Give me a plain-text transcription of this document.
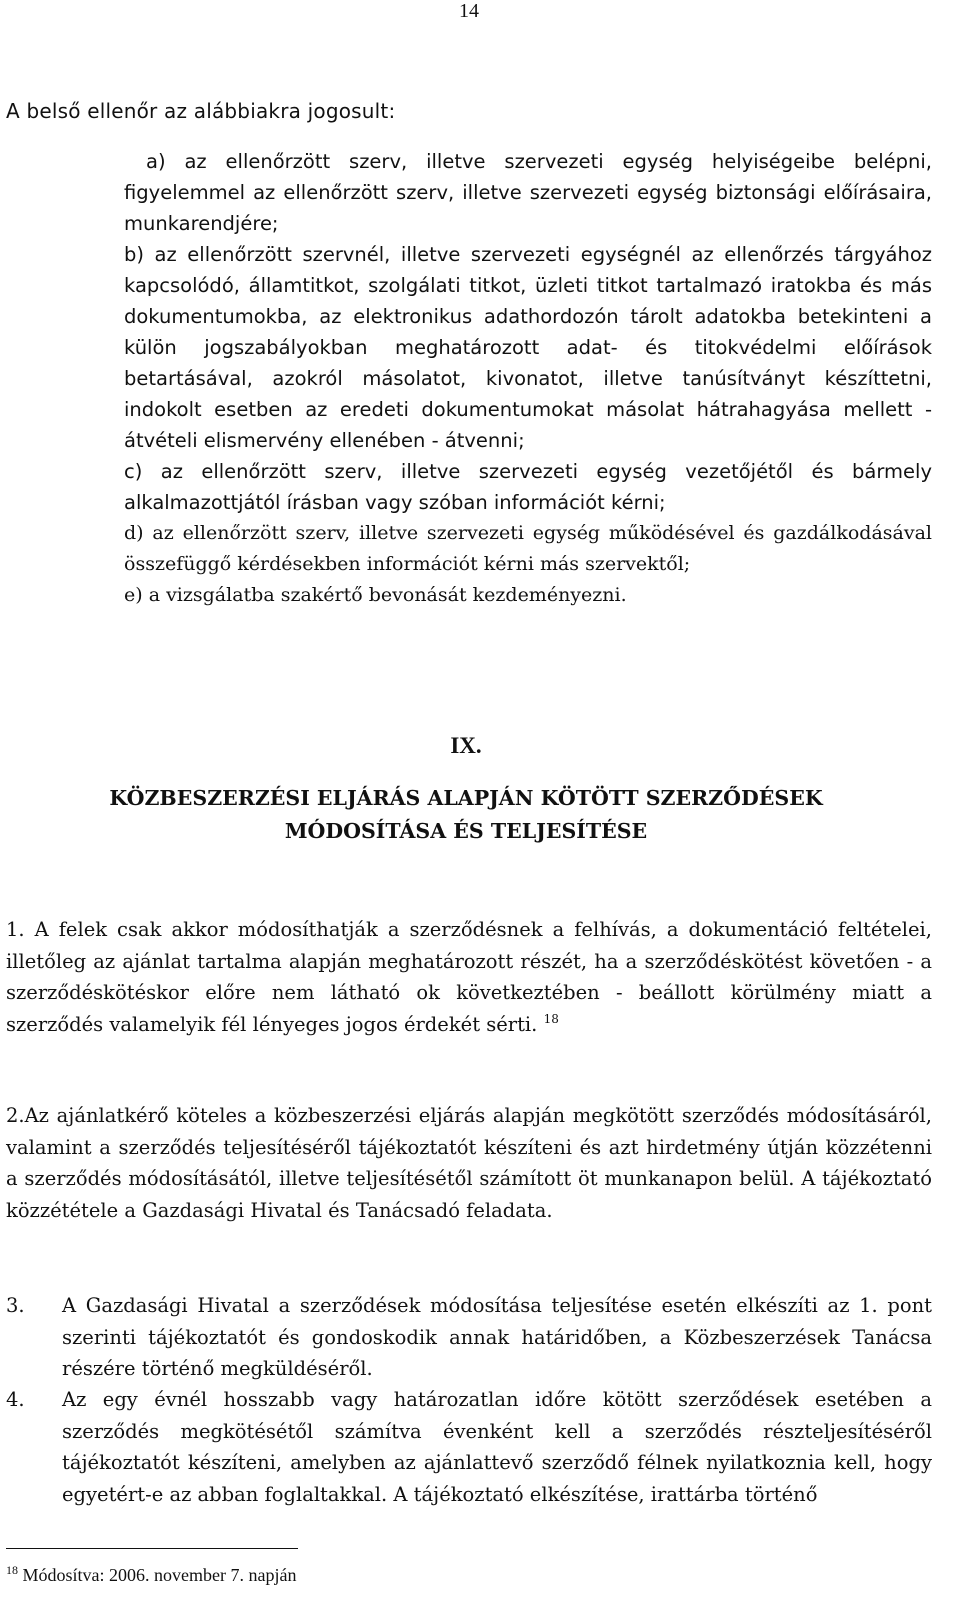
14
A belső ellenőr az alábbiakra jogosult:

a) az ellenőrzött szerv, illetve szervezeti egység helyiségeibe belépni, figyelemmel az ellenőrzött szerv, illetve szervezeti egység biztonsági előírásaira, munkarendjére;

b) az ellenőrzött szervnél, illetve szervezeti egységnél az ellenőrzés tárgyához kapcsolódó, államtitkot, szolgálati titkot, üzleti titkot tartalmazó iratokba és más dokumentumokba, az elektronikus adathordozón tárolt adatokba betekinteni a külön jogszabályokban meghatározott adat- és titokvédelmi előírások betartásával, azokról másolatot, kivonatot, illetve tanúsítványt készíttetni, indokolt esetben az eredeti dokumentumokat másolat hátrahagyása mellett - átvételi elismervény ellenében - átvenni;

c) az ellenőrzött szerv, illetve szervezeti egység vezetőjétől és bármely alkalmazottjától írásban vagy szóban információt kérni;

d) az ellenőrzött szerv, illetve szervezeti egység működésével és gazdálkodásával összefüggő kérdésekben információt kérni más szervektől;

e) a vizsgálatba szakértő bevonását kezdeményezni.

IX.
KÖZBESZERZÉSI ELJÁRÁS ALAPJÁN KÖTÖTT SZERZŐDÉSEK
MÓDOSÍTÁSA ÉS TELJESÍTÉSE

1. A felek csak akkor módosíthatják a szerződésnek a felhívás, a dokumentáció feltételei, illetőleg az ajánlat tartalma alapján meghatározott részét, ha a szerződéskötést követően - a szerződéskötéskor előre nem látható ok következtében - beállott körülmény miatt a szerződés valamelyik fél lényeges jogos érdekét sérti. $^{18}$

2.Az ajánlatkérő köteles a közbeszerzési eljárás alapján megkötött szerződés módosításáról, valamint a szerződés teljesítéséről tájékoztatót készíteni és azt hirdetmény útján közzétenni a szerződés módosításától, illetve teljesítésétől számított öt munkanapon belül. A tájékoztató közzététele a Gazdasági Hivatal és Tanácsadó feladata.

3.	A Gazdasági Hivatal a szerződések módosítása teljesítése esetén elkészíti az 1. pont szerinti tájékoztatót és gondoskodik annak határidőben, a Közbeszerzések Tanácsa részére történő megküldéséről.
4.	Az egy évnél hosszabb vagy határozatlan időre kötött szerződések esetében a szerződés megkötésétől számítva évenként kell a szerződés részteljesítéséről tájékoztatót készíteni, amelyben az ajánlattevő szerződő félnek nyilatkoznia kell, hogy egyetért-e az abban foglaltakkal. A tájékoztató elkészítése, irattárba történő
$^{18}$ Módosítva: 2006. november 7. napján
